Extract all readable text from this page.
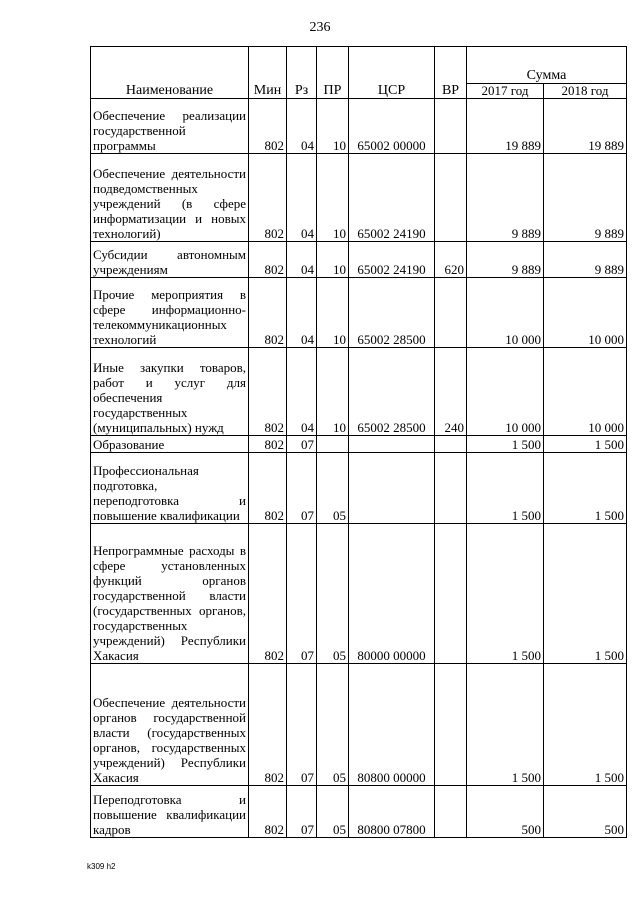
236
Наименование	Мин	Рз	ПР	ЦСР	ВР	Сумма	
						2017 год	2018 год
Обеспечение реализации государственной программы	802	04	10	65002 00000		19 889	19 889
Обеспечение деятельности подведомственных учреждений (в сфере информатизации и новых технологий)	802	04	10	65002 24190		9 889	9 889
Субсидии автономным учреждениям	802	04	10	65002 24190	620	9 889	9 889
Прочие мероприятия в сфере информационно-телекоммуникационных технологий	802	04	10	65002 28500		10 000	10 000
Иные закупки товаров, работ и услуг для обеспечения государственных (муниципальных) нужд	802	04	10	65002 28500	240	10 000	10 000
Образование	802	07				1 500	1 500
Профессиональная подготовка, переподготовка и повышение квалификации	802	07	05			1 500	1 500
Непрограммные расходы в сфере установленных функций органов государственной власти (государственных органов, государственных учреждений) Республики Хакасия	802	07	05	80000 00000		1 500	1 500
Обеспечение деятельности органов государственной власти (государственных органов, государственных учреждений) Республики Хакасия	802	07	05	80800 00000		1 500	1 500
Переподготовка и повышение квалификации кадров	802	07	05	80800 07800		500	500
k309 h2
